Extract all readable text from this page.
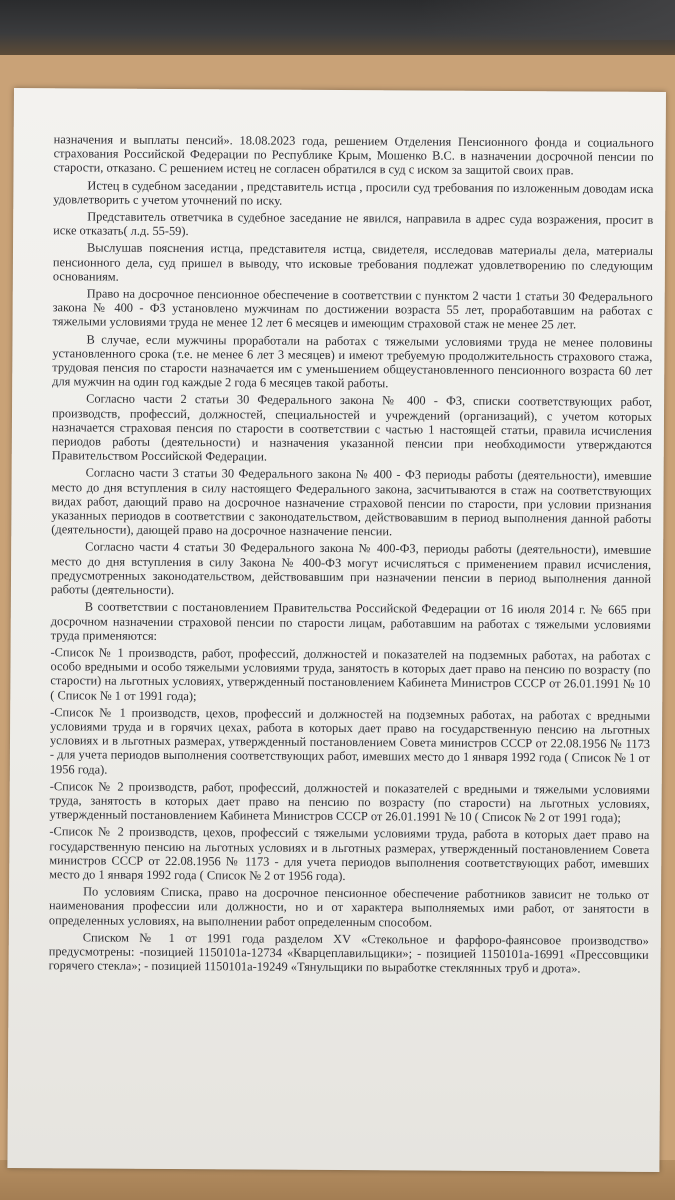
назначения и выплаты пенсий». 18.08.2023 года, решением Отделения Пенсионного фонда и социального страхования Российской Федерации по Республике Крым, Мошенко В.С. в назначении досрочной пенсии по старости, отказано. С решением истец не согласен обратился в суд с иском за защитой своих прав.

Истец в судебном заседании , представитель истца , просили суд требования по изложенным доводам иска удовлетворить с учетом уточнений по иску.

Представитель ответчика в судебное заседание не явился, направила в адрес суда возражения, просит в иске отказать( л.д. 55-59).

Выслушав пояснения истца, представителя истца, свидетеля, исследовав материалы дела, материалы пенсионного дела, суд пришел в выводу, что исковые требования подлежат удовлетворению по следующим основаниям.

Право на досрочное пенсионное обеспечение в соответствии с пунктом 2 части 1 статьи 30 Федерального закона № 400 - ФЗ установлено мужчинам по достижении возраста 55 лет, проработавшим на работах с тяжелыми условиями труда не менее 12 лет 6 месяцев и имеющим страховой стаж не менее 25 лет.

В случае, если мужчины проработали на работах с тяжелыми условиями труда не менее половины установленного срока (т.е. не менее 6 лет 3 месяцев) и имеют требуемую продолжительность страхового стажа, трудовая пенсия по старости назначается им с уменьшением общеустановленного пенсионного возраста 60 лет для мужчин на один год каждые 2 года 6 месяцев такой работы.

Согласно части 2 статьи 30 Федерального закона № 400 - ФЗ, списки соответствующих работ, производств, профессий, должностей, специальностей и учреждений (организаций), с учетом которых назначается страховая пенсия по старости в соответствии с частью 1 настоящей статьи, правила исчисления периодов работы (деятельности) и назначения указанной пенсии при необходимости утверждаются Правительством Российской Федерации.

Согласно части 3 статьи 30 Федерального закона № 400 - ФЗ периоды работы (деятельности), имевшие место до дня вступления в силу настоящего Федерального закона, засчитываются в стаж на соответствующих видах работ, дающий право на досрочное назначение страховой пенсии по старости, при условии признания указанных периодов в соответствии с законодательством, действовавшим в период выполнения данной работы (деятельности), дающей право на досрочное назначение пенсии.

Согласно части 4 статьи 30 Федерального закона № 400-ФЗ, периоды работы (деятельности), имевшие место до дня вступления в силу Закона № 400-ФЗ могут исчисляться с применением правил исчисления, предусмотренных законодательством, действовавшим при назначении пенсии в период выполнения данной работы (деятельности).

В соответствии с постановлением Правительства Российской Федерации от 16 июля 2014 г. № 665 при досрочном назначении страховой пенсии по старости лицам, работавшим на работах с тяжелыми условиями труда применяются:

-Список № 1 производств, работ, профессий, должностей и показателей на подземных работах, на работах с особо вредными и особо тяжелыми условиями труда, занятость в которых дает право на пенсию по возрасту (по старости) на льготных условиях, утвержденный постановлением Кабинета Министров СССР от 26.01.1991 № 10 ( Список № 1 от 1991 года);

-Список № 1 производств, цехов, профессий и должностей на подземных работах, на работах с вредными условиями труда и в горячих цехах, работа в которых дает право на государственную пенсию на льготных условиях и в льготных размерах, утвержденный постановлением Совета министров СССР от 22.08.1956 № 1173 - для учета периодов выполнения соответствующих работ, имевших место до 1 января 1992 года ( Список № 1 от 1956 года).

-Список № 2 производств, работ, профессий, должностей и показателей с вредными и тяжелыми условиями труда, занятость в которых дает право на пенсию по возрасту (по старости) на льготных условиях, утвержденный постановлением Кабинета Министров СССР от 26.01.1991 № 10 ( Список № 2 от 1991 года);

-Список № 2 производств, цехов, профессий с тяжелыми условиями труда, работа в которых дает право на государственную пенсию на льготных условиях и в льготных размерах, утвержденный постановлением Совета министров СССР от 22.08.1956 № 1173 - для учета периодов выполнения соответствующих работ, имевших место до 1 января 1992 года ( Список № 2 от 1956 года).

По условиям Списка, право на досрочное пенсионное обеспечение работников зависит не только от наименования профессии или должности, но и от характера выполняемых ими работ, от занятости в определенных условиях, на выполнении работ определенным способом.

Списком № 1 от 1991 года разделом XV «Стекольное и фарфоро-фаянсовое производство» предусмотрены: -позицией 1150101а-12734 «Кварцеплавильщики»; - позицией 1150101а-16991 «Прессовщики горячего стекла»; - позицией 1150101а-19249 «Тянульщики по выработке стеклянных труб и дрота».
